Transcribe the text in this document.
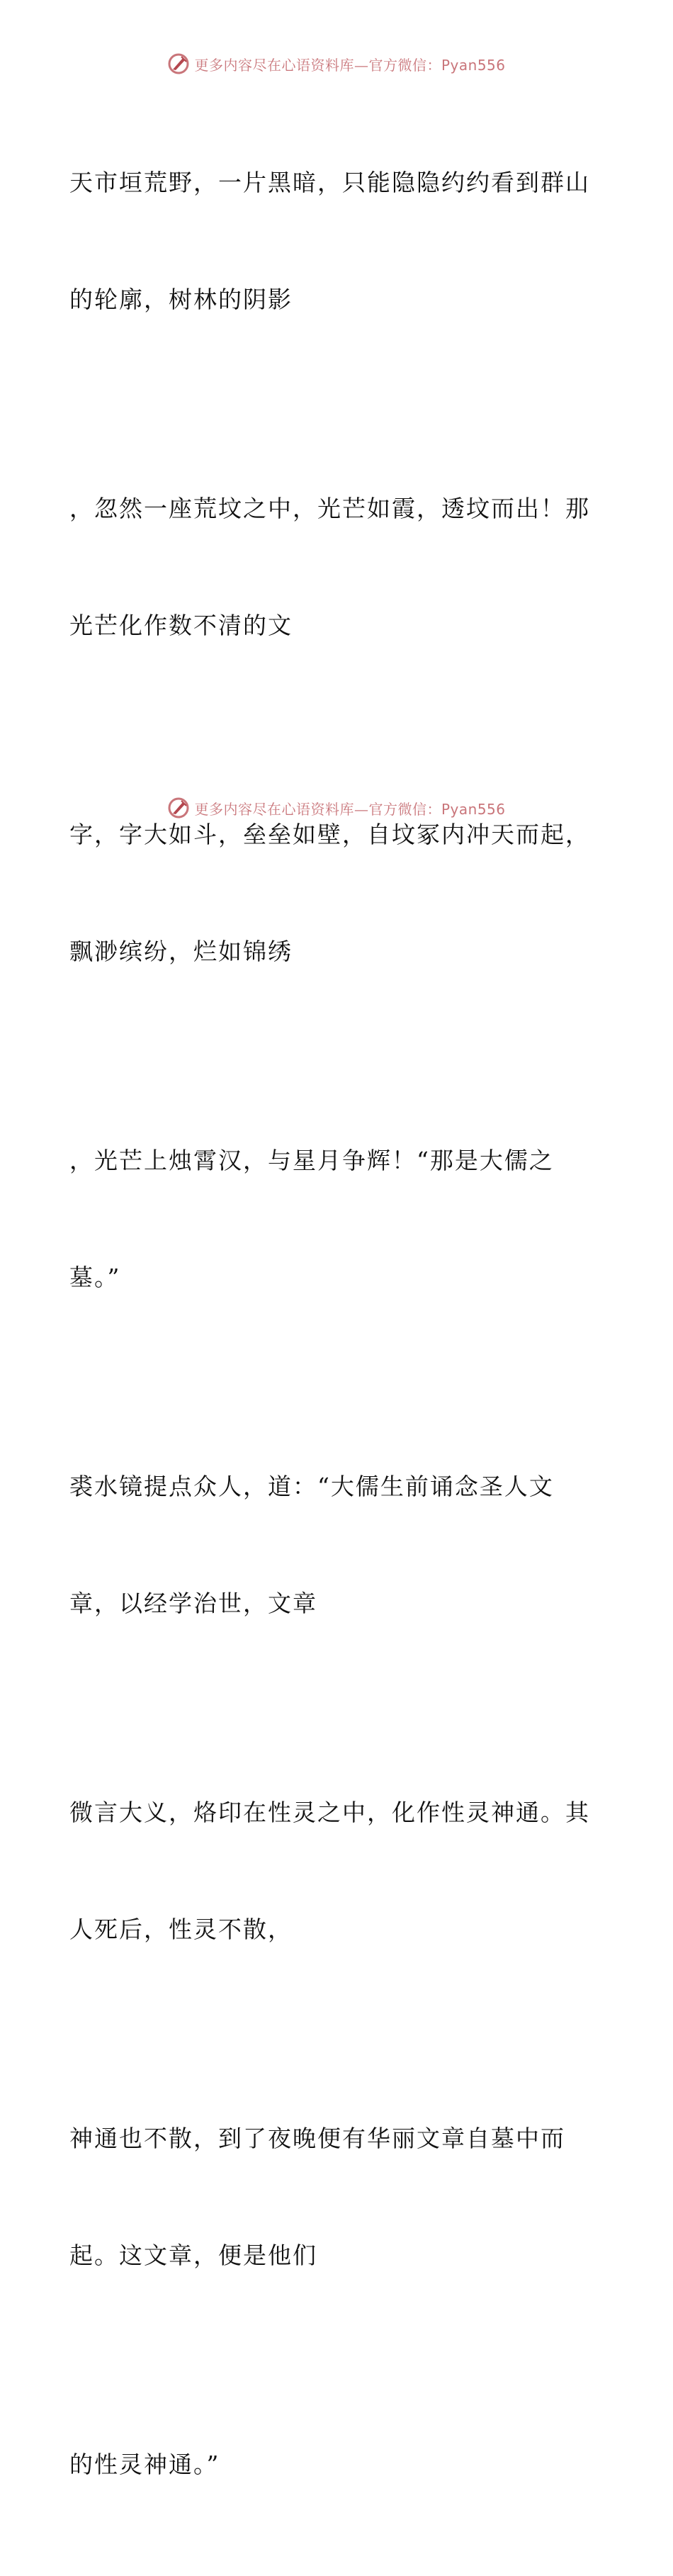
更多内容尽在心语资料库—官方微信：Pyan556

天市垣荒野，一片黑暗，只能隐隐约约看到群山

的轮廓，树林的阴影

，忽然一座荒坟之中，光芒如霞，透坟而出！那

光芒化作数不清的文

字，字大如斗，垒垒如壁，自坟冢内冲天而起，

飘渺缤纷，烂如锦绣

，光芒上烛霄汉，与星月争辉！“那是大儒之

墓。”

裘水镜提点众人，道：“大儒生前诵念圣人文

章，以经学治世，文章

微言大义，烙印在性灵之中，化作性灵神通。其

人死后，性灵不散，

神通也不散，到了夜晚便有华丽文章自墓中而

起。这文章，便是他们

的性灵神通。”

更多内容尽在心语资料库—官方微信：Pyan556
